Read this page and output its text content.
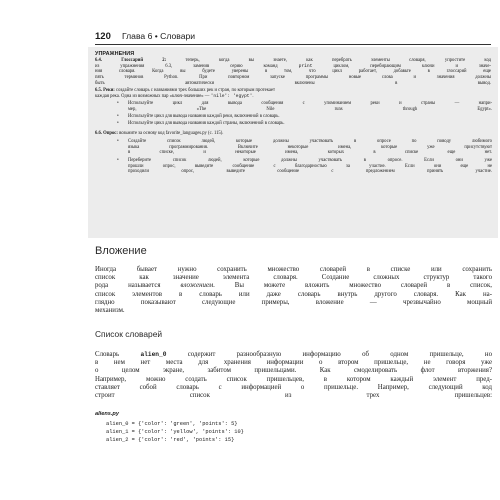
120 Глава 6 • Словари
УПРАЖНЕНИЯ
6.4. Глоссарий 2: теперь, когда вы знаете, как перебрать элементы словаря, упростите код
из упражнения 6.3, заменив серию команд print циклом, перебирающим ключи и значе-
ния словаря. Когда вы будете уверены в том, что цикл работает, добавьте в глоссарий еще
пять терминов Python. При повторном запуске программы новые слова и значения должны
быть автоматически включены в вывод.
6.5. Реки: создайте словарь с названиями трех больших рек и стран, по которым протекает
каждая река. Одна из возможных пар «ключ-значение» — 'nile': 'egypt'.
• Используйте цикл для вывода сообщения с упоминанием реки и страны — напри-
мер, «The Nile runs through Egypt».
• Используйте цикл для вывода названия каждой реки, включенной в словарь.
• Используйте цикл для вывода названия каждой страны, включенной в словарь.
6.6. Опрос: возьмите за основу код favorite_languages.py (с. 115).
• Создайте список людей, которые должны участвовать в опросе по поводу любимого
языка программирования. Включите некоторые имена, которые уже присутствуют
в списке, и некоторые имена, которых в списке еще нет.
• Переберите список людей, которые должны участвовать в опросе. Если они уже
прошли опрос, выведите сообщение с благодарностью за участие. Если они еще не
проходили опрос, выведите сообщение с предложением принять участие.
Вложение
Иногда бывает нужно сохранить множество словарей в списке или сохранить
список как значение элемента словаря. Создание сложных структур такого
рода называется вложением. Вы можете вложить множество словарей в список,
список элементов в словарь или даже словарь внутрь другого словаря. Как на-
глядно показывают следующие примеры, вложение — чрезвычайно мощный
механизм.
Список словарей
Словарь alien_0 содержит разнообразную информацию об одном пришельце, но
в нем нет места для хранения информации о втором пришельце, не говоря уже
о целом экране, забитом пришельцами. Как смоделировать флот вторжения?
Например, можно создать список пришельцев, в котором каждый элемент пред-
ставляет собой словарь с информацией о пришельце. Например, следующий код
строит список из трех пришельцев:
aliens.py
alien_0 = {'color': 'green', 'points': 5}
alien_1 = {'color': 'yellow', 'points': 10}
alien_2 = {'color': 'red', 'points': 15}
